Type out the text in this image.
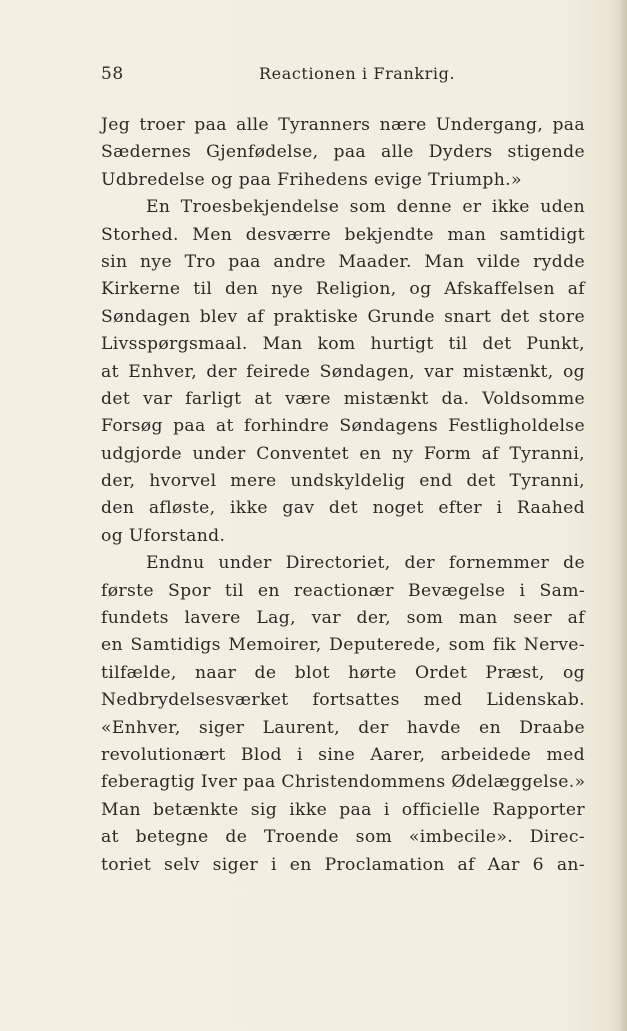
58	Reactionen i Frankrig.
Jeg troer paa alle Tyranners nære Undergang, paa
Sædernes Gjenfødelse, paa alle Dyders stigende
Udbredelse og paa Frihedens evige Triumph.»
En Troesbekjendelse som denne er ikke uden
Storhed. Men desværre bekjendte man samtidigt
sin nye Tro paa andre Maader. Man vilde rydde
Kirkerne til den nye Religion, og Afskaffelsen af
Søndagen blev af praktiske Grunde snart det store
Livsspørgsmaal. Man kom hurtigt til det Punkt,
at Enhver, der feirede Søndagen, var mistænkt, og
det var farligt at være mistænkt da. Voldsomme
Forsøg paa at forhindre Søndagens Festligholdelse
udgjorde under Conventet en ny Form af Tyranni,
der, hvorvel mere undskyldelig end det Tyranni,
den afløste, ikke gav det noget efter i Raahed
og Uforstand.
Endnu under Directoriet, der fornemmer de
første Spor til en reactionær Bevægelse i Sam-
fundets lavere Lag, var der, som man seer af
en Samtidigs Memoirer, Deputerede, som fik Nerve-
tilfælde, naar de blot hørte Ordet Præst, og
Nedbrydelsesværket fortsattes med Lidenskab.
«Enhver, siger Laurent, der havde en Draabe
revolutionært Blod i sine Aarer, arbeidede med
feberagtig Iver paa Christendommens Ødelæggelse.»
Man betænkte sig ikke paa i officielle Rapporter
at betegne de Troende som «imbecile». Direc-
toriet selv siger i en Proclamation af Aar 6 an-
